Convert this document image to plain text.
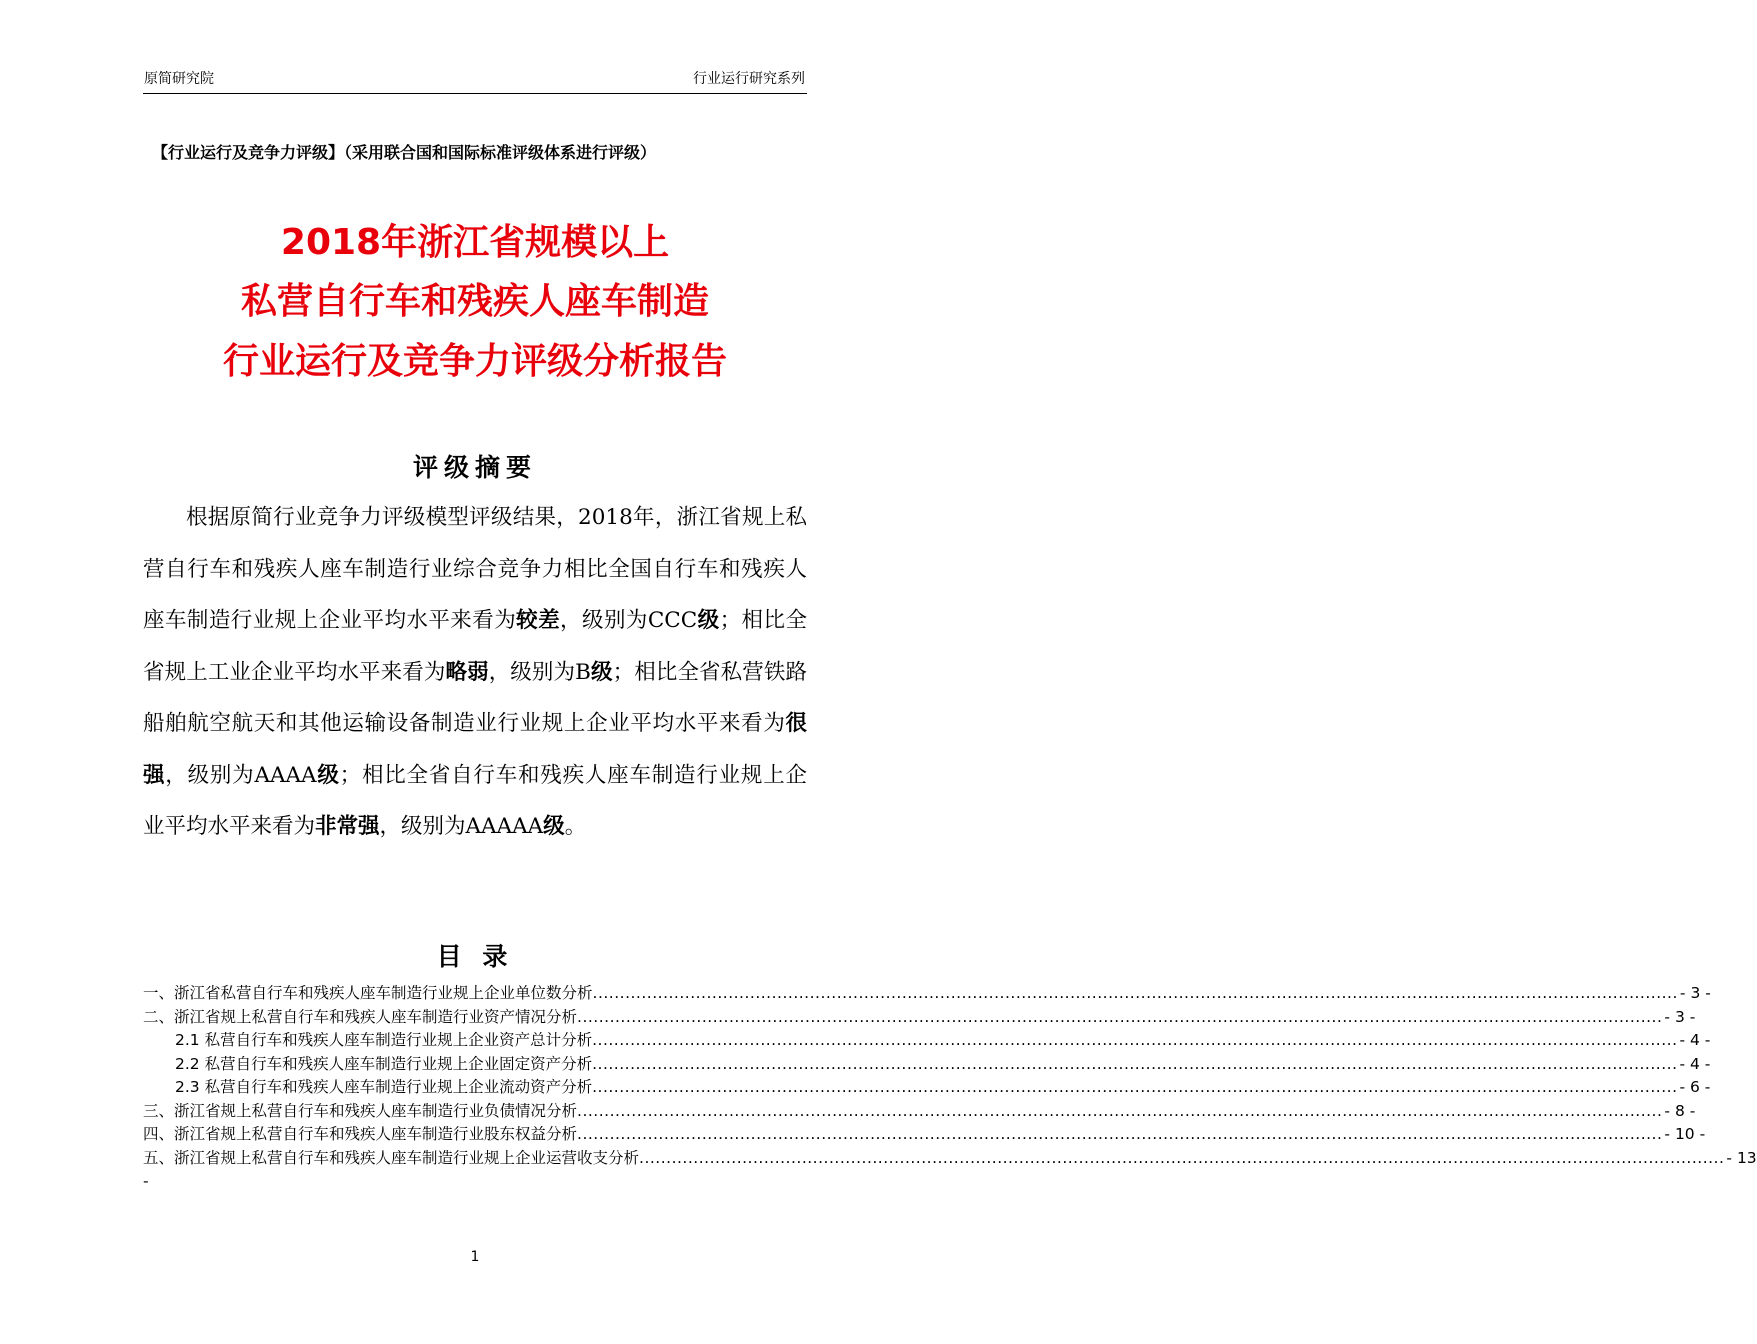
原简研究院	行业运行研究系列
【行业运行及竞争力评级】（采用联合国和国际标准评级体系进行评级）
2018年浙江省规模以上
私营自行车和残疾人座车制造
行业运行及竞争力评级分析报告
评级摘要
根据原简行业竞争力评级模型评级结果，2018年，浙江省规上私营自行车和残疾人座车制造行业综合竞争力相比全国自行车和残疾人座车制造行业规上企业平均水平来看为较差，级别为CCC级；相比全省规上工业企业平均水平来看为略弱，级别为B级；相比全省私营铁路船舶航空航天和其他运输设备制造业行业规上企业平均水平来看为很强，级别为AAAA级；相比全省自行车和残疾人座车制造行业规上企业平均水平来看为非常强，级别为AAAAA级。
目 录
一、浙江省私营自行车和残疾人座车制造行业规上企业单位数分析 ........................................................................................................................................................................................................ - 3 -
二、浙江省规上私营自行车和残疾人座车制造行业资产情况分析 ........................................................................................................................................................................................................ - 3 -
2.1 私营自行车和残疾人座车制造行业规上企业资产总计分析 ........................................................................................................................................................................................................ - 4 -
2.2 私营自行车和残疾人座车制造行业规上企业固定资产分析 ........................................................................................................................................................................................................ - 4 -
2.3 私营自行车和残疾人座车制造行业规上企业流动资产分析 ........................................................................................................................................................................................................ - 6 -
三、浙江省规上私营自行车和残疾人座车制造行业负债情况分析 ........................................................................................................................................................................................................ - 8 -
四、浙江省规上私营自行车和残疾人座车制造行业股东权益分析 ........................................................................................................................................................................................................ - 10 -
五、浙江省规上私营自行车和残疾人座车制造行业规上企业运营收支分析 ........................................................................................................................................................................................................ - 13
-
1
